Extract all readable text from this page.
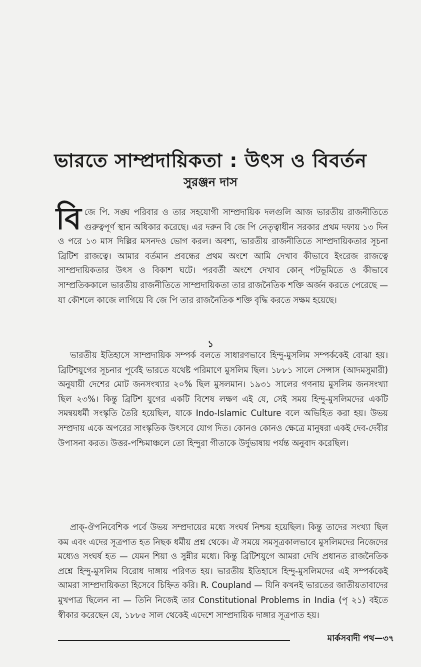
ভারতে সাম্প্রদায়িকতা : উৎস ও বিবর্তন
সুরঞ্জন দাস

বিজে পি. সঙ্ঘ পরিবার ও তার সহযোগী সাম্প্রদায়িক দলগুলি আজ ভারতীয় রাজনীতিতে গুরুত্বপূর্ণ স্থান অধিকার করেছে। এর দরুন বি জে পি নেতৃত্বাধীন সরকার প্রথম দফায় ১৩ দিন ও পরে ১৩ মাস দিল্লির মসনদও ভোগ করল। অবশ্য, ভারতীয় রাজনীতিতে সাম্প্রদায়িকতার সূচনা ব্রিটিশ রাজত্বে। আমার বর্তমান প্রবন্ধের প্রথম অংশে আমি দেখাব কীভাবে ইংরেজ রাজত্বে সাম্প্রদায়িকতার উৎস ও বিকাশ ঘটে। পরবর্তী অংশে দেখাব কোন্‌ পটভূমিতে ও কীভাবে সাম্প্রতিককালে ভারতীয় রাজনীতিতে সাম্প্রদায়িকতা তার রাজনৈতিক শক্তি অর্জন করতে পেরেছে — যা কৌশলে কাজে লাগিয়ে বি জে পি তার রাজনৈতিক শক্তি বৃদ্ধি করতে সক্ষম হয়েছে।

১

ভারতীয় ইতিহাসে সাম্প্রদায়িক সম্পর্ক বলতে সাধারণভাবে হিন্দু-মুসলিম সম্পর্ককেই বোঝা হয়। ব্রিটিশযুগের সূচনার পূর্বেই ভারতে যথেষ্ট পরিমাণে মুসলিম ছিল। ১৮৮১ সালে সেন্সাস (আদমসুমারী) অনুযায়ী দেশের মোট জনসংখ্যার ২০% ছিল মুসলমান। ১৯৩১ সালের গণনায় মুসলিম জনসংখ্যা ছিল ২৩%। কিন্তু ব্রিটিশ যুগের একটি বিশেষ লক্ষণ এই যে, সেই সময় হিন্দু-মুসলিমদের একটি সমন্বয়ধর্মী সংস্কৃতি তৈরি হয়েছিল, যাকে Indo-Islamic Culture বলে অভিহিত করা হয়। উভয় সম্প্রদায় একে অপরের সাংস্কৃতিক উৎসবে যোগ দিত। কোনও কোনও ক্ষেত্রে মানুষরা একই দেব-দেবীর উপাসনা করত। উত্তর-পশ্চিমাঞ্চলে তো হিন্দুরা গীতাকে উর্দুভাষায় পর্যন্ত অনুবাদ করেছিল।

প্রাক্‌-ঔপনিবেশিক পর্বে উভয় সম্প্রদায়ের মধ্যে সংঘর্ষ নিশ্চয় হয়েছিল। কিন্তু তাদের সংখ্যা ছিল কম এবং এদের সূত্রপাত হত নিছক ধর্মীয় প্রশ্ন থেকে। ঐ সময়ে সমসূত্রকালভাবে মুসলিমদের নিজেদের মধ্যেও সংঘর্ষ হত — যেমন শিয়া ও সুন্নীর মধ্যে। কিন্তু ব্রিটিশযুগে আমরা দেখি প্রধানত রাজনৈতিক প্রশ্নে হিন্দু-মুসলিম বিরোধ দাঙ্গায় পরিণত হয়। ভারতীয় ইতিহাসে হিন্দু-মুসলিমদের এই সম্পর্ককেই আমরা সাম্প্রদায়িকতা হিসেবে চিহ্নিত করি। R. Coupland — যিনি কখনই ভারতের জাতীয়তাবাদের মুখপাত্র ছিলেন না — তিনি নিজেই তার Constitutional Problems in India (পৃ ২১) বইতে স্বীকার করেছেন যে, ১৮৮৫ সাল থেকেই এদেশে সাম্প্রদায়িক দাঙ্গার সূত্রপাত হয়।

মার্কসবাদী পথ—৩৭
